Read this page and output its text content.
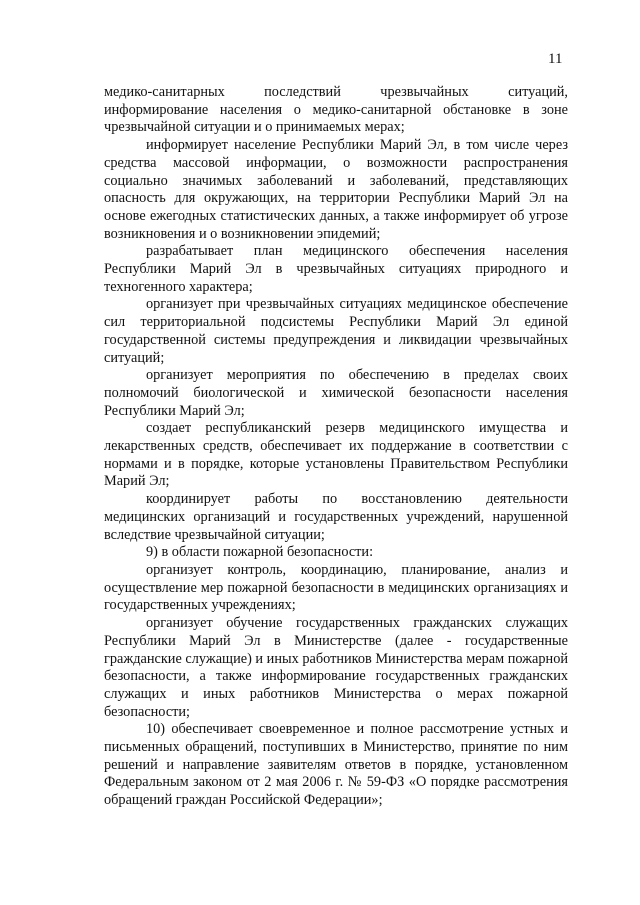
11

медико-санитарных последствий чрезвычайных ситуаций, информирование населения о медико-санитарной обстановке в зоне чрезвычайной ситуации и о принимаемых мерах;

информирует население Республики Марий Эл, в том числе через средства массовой информации, о возможности распространения социально значимых заболеваний и заболеваний, представляющих опасность для окружающих, на территории Республики Марий Эл на основе ежегодных статистических данных, а также информирует об угрозе возникновения и о возникновении эпидемий;

разрабатывает план медицинского обеспечения населения Республики Марий Эл в чрезвычайных ситуациях природного и техногенного характера;

организует при чрезвычайных ситуациях медицинское обеспечение сил территориальной подсистемы Республики Марий Эл единой государственной системы предупреждения и ликвидации чрезвычайных ситуаций;

организует мероприятия по обеспечению в пределах своих полномочий биологической и химической безопасности населения Республики Марий Эл;

создает республиканский резерв медицинского имущества и лекарственных средств, обеспечивает их поддержание в соответствии с нормами и в порядке, которые установлены Правительством Республики Марий Эл;

координирует работы по восстановлению деятельности медицинских организаций и государственных учреждений, нарушенной вследствие чрезвычайной ситуации;

9) в области пожарной безопасности:

организует контроль, координацию, планирование, анализ и осуществление мер пожарной безопасности в медицинских организациях и государственных учреждениях;

организует обучение государственных гражданских служащих Республики Марий Эл в Министерстве (далее - государственные гражданские служащие) и иных работников Министерства мерам пожарной безопасности, а также информирование государственных гражданских служащих и иных работников Министерства о мерах пожарной безопасности;

10) обеспечивает своевременное и полное рассмотрение устных и письменных обращений, поступивших в Министерство, принятие по ним решений и направление заявителям ответов в порядке, установленном Федеральным законом от 2 мая 2006 г. № 59-ФЗ «О порядке рассмотрения обращений граждан Российской Федерации»;
